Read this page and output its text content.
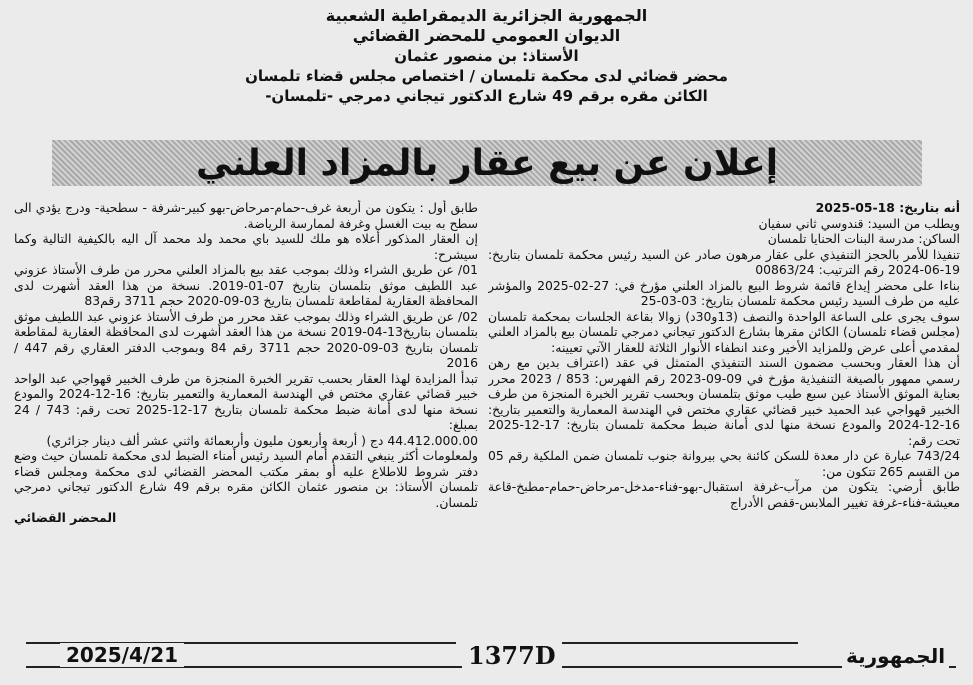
الجمهورية الجزائرية الديمقراطية الشعبية
الديوان العمومي للمحضر القضائي
الأستاذ: بن منصور عثمان
محضر قضائي لدى محكمة تلمسان / اختصاص مجلس قضاء تلمسان
الكائن مقره برقم 49 شارع الدكتور تيجاني دمرجي -تلمسان-
إعلان عن بيع عقار بالمزاد العلني

أنه بتاريخ: 18-05-2025

ويطلب من السيد: قندوسي ثاني سفيان

الساكن: مدرسة البنات الحنايا تلمسان

تنفيذا للأمر بالحجز التنفيذي على عقار مرهون صادر عن السيد رئيس محكمة تلمسان بتاريخ: 19-06-2024 رقم الترتيب: 00863/24

بناءا على محضر إيداع قائمة شروط البيع بالمزاد العلني مؤرخ في: 27-02-2025 والمؤشر عليه من طرف السيد رئيس محكمة تلمسان بتاريخ: 03-03-25

سوف يجرى على الساعة الواحدة والنصف (13و30د) زوالا بقاعة الجلسات بمحكمة تلمسان (مجلس قضاء تلمسان) الكائن مقرها بشارع الدكتور تيجاني دمرجي تلمسان بيع بالمزاد العلني لمقدمي أعلى عرض وللمزايد الأخير وعند انطفاء الأنوار الثلاثة للعقار الآتي تعيينه:

أن هذا العقار وبحسب مضمون السند التنفيذي المتمثل في عقد (اعتراف بدين مع رهن رسمي ممهور بالصيغة التنفيذية مؤرخ في 09-09-2023 رقم الفهرس: 853 / 2023 محرر بعناية الموثق الأستاذ عين سبع طيب موثق بتلمسان وبحسب تقرير الخبرة المنجزة من طرف الخبير قهواجي عبد الحميد خبير قضائي عقاري مختص في الهندسة المعمارية والتعمير بتاريخ: 16-12-2024 والمودع نسخة منها لدى أمانة ضبط محكمة تلمسان بتاريخ: 17-12-2025 تحت رقم:

743/24 عبارة عن دار معدة للسكن كائنة بحي بيروانة جنوب تلمسان ضمن الملكية رقم 05 من القسم 265 تتكون من:

طابق أرضي: يتكون من مرآب-غرفة استقبال-بهو-فناء-مدخل-مرحاض-حمام-مطبخ-قاعة معيشة-فناء-غرفة تغيير الملابس-قفص الأدراج

طابق أول : يتكون من أربعة غرف-حمام-مرحاض-بهو كبير-شرفة - سطحية- ودرج يؤدي الى سطح به بيت الغسل وغرفة لممارسة الرياضة.

إن العقار المذكور أعلاه هو ملك للسيد باي محمد ولد محمد آل اليه بالكيفية التالية وكما سيشرح:

01/ عن طريق الشراء وذلك بموجب عقد بيع بالمزاد العلني محرر من طرف الأستاذ عزوني عبد اللطيف موثق بتلمسان بتاريخ 07-01-2019. نسخة من هذا العقد أشهرت لدى المحافظة العقارية لمقاطعة تلمسان بتاريخ 03-09-2020 حجم 3711 رقم83

02/ عن طريق الشراء وذلك بموجب عقد محرر من طرف الأستاذ عزوني عبد اللطيف موثق بتلمسان بتاريخ13-04-2019 نسخة من هذا العقد أشهرت لدى المحافظة العقارية لمقاطعة تلمسان بتاريخ 03-09-2020 حجم 3711 رقم 84 وبموجب الدفتر العقاري رقم 447 / 2016

تبدأ المزايدة لهذا العقار بحسب تقرير الخبرة المنجزة من طرف الخبير قهواجي عبد الواحد خبير قضائي عقاري مختص في الهندسة المعمارية والتعمير بتاريخ: 16-12-2024 والمودع نسخة منها لدى أمانة ضبط محكمة تلمسان بتاريخ 17-12-2025 تحت رقم: 743 / 24 بمبلغ:

44.412.000.00 دج ( أربعة وأربعون مليون وأربعمائة واثني عشر ألف دينار جزائري)

ولمعلومات أكثر ينبغي التقدم أمام السيد رئيس أمناء الضبط لدى محكمة تلمسان حيث وضع دفتر شروط للاطلاع عليه أو بمقر مكتب المحضر القضائي لدى محكمة ومجلس قضاء تلمسان الأستاذ: بن منصور عثمان الكائن مقره برقم 49 شارع الدكتور تيجاني دمرجي تلمسان.

المحضر القضائي

2025/4/21	1377D	الجمهورية
